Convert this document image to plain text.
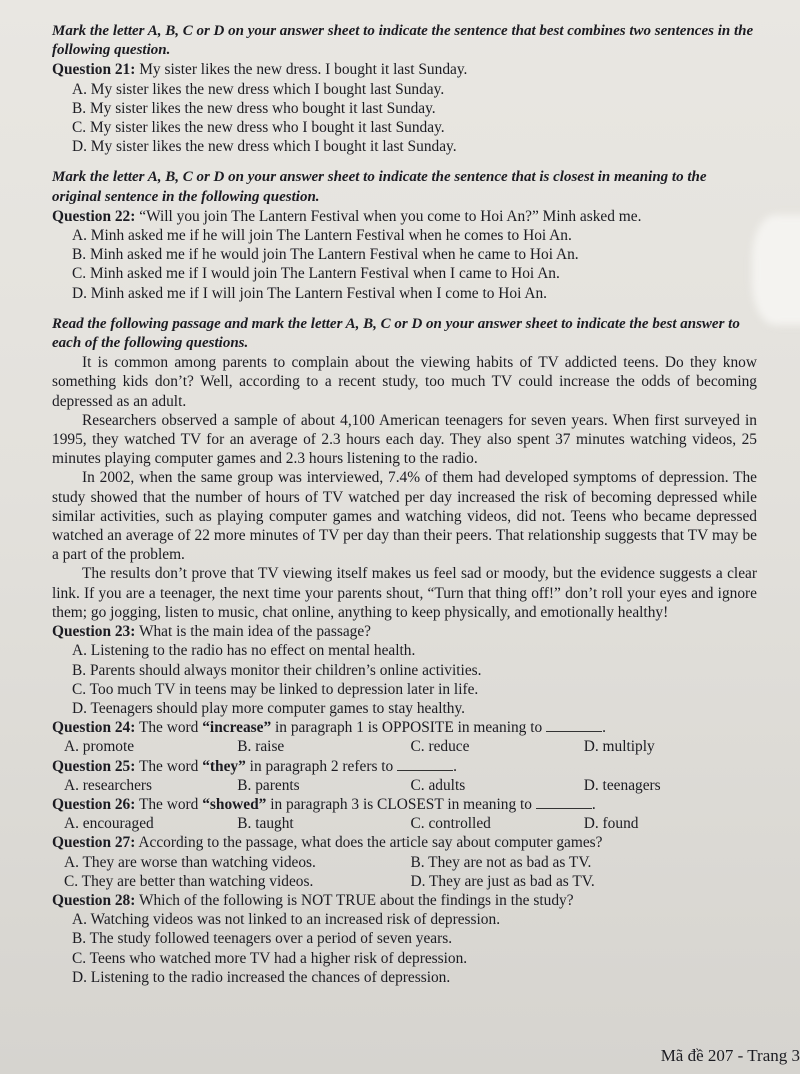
Mark the letter A, B, C or D on your answer sheet to indicate the sentence that best combines two sentences in the following question.
Question 21: My sister likes the new dress. I bought it last Sunday.
A. My sister likes the new dress which I bought last Sunday.
B. My sister likes the new dress who bought it last Sunday.
C. My sister likes the new dress who I bought it last Sunday.
D. My sister likes the new dress which I bought it last Sunday.
Mark the letter A, B, C or D on your answer sheet to indicate the sentence that is closest in meaning to the original sentence in the following question.
Question 22: “Will you join The Lantern Festival when you come to Hoi An?” Minh asked me.
A. Minh asked me if he will join The Lantern Festival when he comes to Hoi An.
B. Minh asked me if he would join The Lantern Festival when he came to Hoi An.
C. Minh asked me if I would join The Lantern Festival when I came to Hoi An.
D. Minh asked me if I will join The Lantern Festival when I come to Hoi An.
Read the following passage and mark the letter A, B, C or D on your answer sheet to indicate the best answer to each of the following questions.

It is common among parents to complain about the viewing habits of TV addicted teens. Do they know something kids don’t? Well, according to a recent study, too much TV could increase the odds of becoming depressed as an adult.

Researchers observed a sample of about 4,100 American teenagers for seven years. When first surveyed in 1995, they watched TV for an average of 2.3 hours each day. They also spent 37 minutes watching videos, 25 minutes playing computer games and 2.3 hours listening to the radio.

In 2002, when the same group was interviewed, 7.4% of them had developed symptoms of depression. The study showed that the number of hours of TV watched per day increased the risk of becoming depressed while similar activities, such as playing computer games and watching videos, did not. Teens who became depressed watched an average of 22 more minutes of TV per day than their peers. That relationship suggests that TV may be a part of the problem.

The results don’t prove that TV viewing itself makes us feel sad or moody, but the evidence suggests a clear link. If you are a teenager, the next time your parents shout, “Turn that thing off!” don’t roll your eyes and ignore them; go jogging, listen to music, chat online, anything to keep physically, and emotionally healthy!

Question 23: What is the main idea of the passage?
A. Listening to the radio has no effect on mental health.
B. Parents should always monitor their children’s online activities.
C. Too much TV in teens may be linked to depression later in life.
D. Teenagers should play more computer games to stay healthy.
Question 24: The word “increase” in paragraph 1 is OPPOSITE in meaning to	.
A. promote	B. raise	C. reduce	D. multiply
Question 25: The word “they” in paragraph 2 refers to	.
A. researchers	B. parents	C. adults	D. teenagers
Question 26: The word “showed” in paragraph 3 is CLOSEST in meaning to	.
A. encouraged	B. taught	C. controlled	D. found
Question 27: According to the passage, what does the article say about computer games?
A. They are worse than watching videos.	B. They are not as bad as TV.
C. They are better than watching videos.	D. They are just as bad as TV.
Question 28: Which of the following is NOT TRUE about the findings in the study?
A. Watching videos was not linked to an increased risk of depression.
B. The study followed teenagers over a period of seven years.
C. Teens who watched more TV had a higher risk of depression.
D. Listening to the radio increased the chances of depression.
Mã đề 207 - Trang 3
